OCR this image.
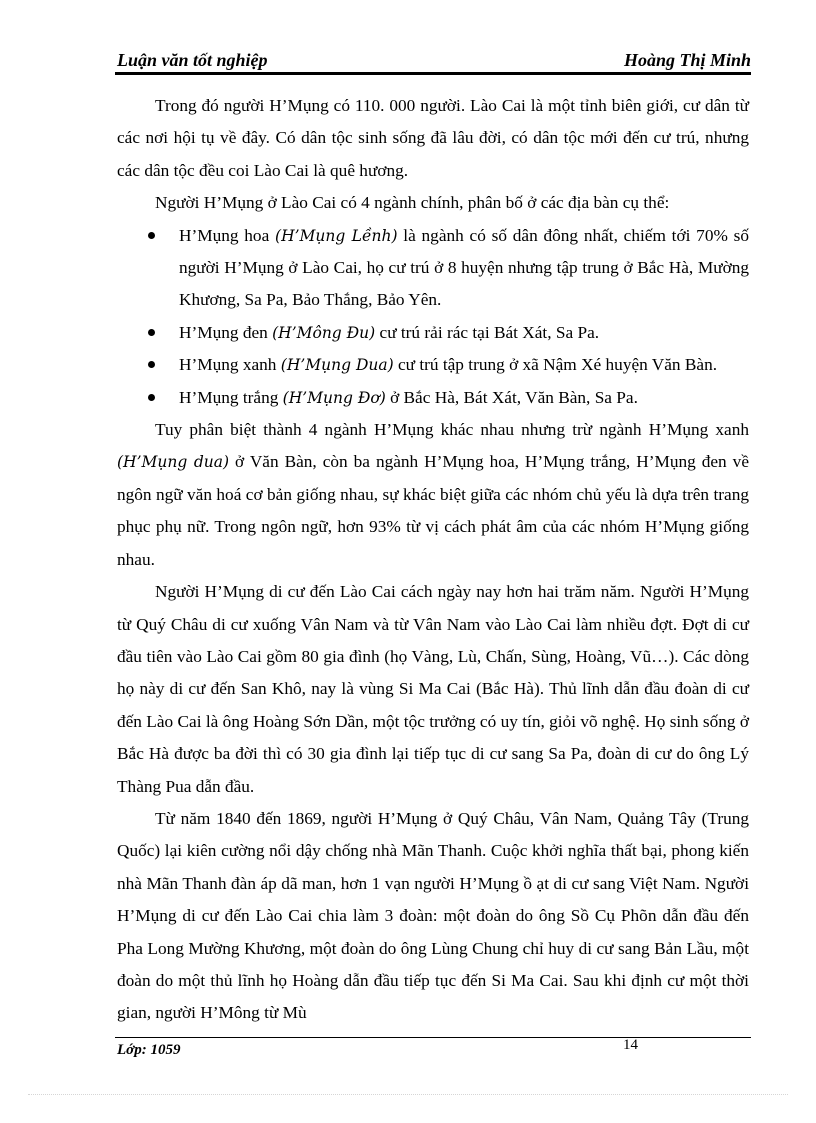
Luận văn tốt nghiệp	Hoàng Thị Minh

Trong đó người H’Mụng có 110. 000 người. Lào Cai là một tỉnh biên giới, cư dân từ các nơi hội tụ về đây. Có dân tộc sinh sống đã lâu đời, có dân tộc mới đến cư trú, nhưng các dân tộc đều coi Lào Cai là quê hương.

Người H’Mụng ở Lào Cai có 4 ngành chính, phân bố ở các địa bàn cụ thể:

H’Mụng hoa (H’Mụng Lềnh) là ngành có số dân đông nhất, chiếm tới 70% số người H’Mụng ở Lào Cai, họ cư trú ở 8 huyện nhưng tập trung ở Bắc Hà, Mường Khương, Sa Pa, Bảo Thắng, Bảo Yên.
H’Mụng đen (H’Mông Đu) cư trú rải rác tại Bát Xát, Sa Pa.
H’Mụng xanh (H’Mụng Dua) cư trú tập trung ở xã Nậm Xé huyện Văn Bàn.
H’Mụng trắng (H’Mụng Đơ) ở Bắc Hà, Bát Xát, Văn Bàn, Sa Pa.

Tuy phân biệt thành 4 ngành H’Mụng khác nhau nhưng trừ ngành H’Mụng xanh (H’Mụng dua) ở Văn Bàn, còn ba ngành H’Mụng hoa, H’Mụng trắng, H’Mụng đen về ngôn ngữ văn hoá cơ bản giống nhau, sự khác biệt giữa các nhóm chủ yếu là dựa trên trang phục phụ nữ. Trong ngôn ngữ, hơn 93% từ vị cách phát âm của các nhóm H’Mụng giống nhau.

Người H’Mụng di cư đến Lào Cai cách ngày nay hơn hai trăm năm. Người H’Mụng từ Quý Châu di cư xuống Vân Nam và từ Vân Nam vào Lào Cai làm nhiều đợt. Đợt di cư đầu tiên vào Lào Cai gồm 80 gia đình (họ Vàng, Lù, Chấn, Sùng, Hoàng, Vũ…). Các dòng họ này di cư đến San Khô, nay là vùng Si Ma Cai (Bắc Hà). Thủ lĩnh dẫn đầu đoàn di cư đến Lào Cai là ông Hoàng Sớn Dần, một tộc trưởng có uy tín, giỏi võ nghệ. Họ sinh sống ở Bắc Hà được ba đời thì có 30 gia đình lại tiếp tục di cư sang Sa Pa, đoàn di cư do ông Lý Thàng Pua dẫn đầu.

Từ năm 1840 đến 1869, người H’Mụng ở Quý Châu, Vân Nam, Quảng Tây (Trung Quốc) lại kiên cường nổi dậy chống nhà Mãn Thanh. Cuộc khởi nghĩa thất bại, phong kiến nhà Mãn Thanh đàn áp dã man, hơn 1 vạn người H’Mụng ồ ạt di cư sang Việt Nam. Người H’Mụng di cư đến Lào Cai chia làm 3 đoàn: một đoàn do ông Sồ Cụ Phõn dẫn đầu đến Pha Long Mường Khương, một đoàn do ông Lùng Chung chỉ huy di cư sang Bản Lầu, một đoàn do một thủ lĩnh họ Hoàng dẫn đầu tiếp tục đến Si Ma Cai. Sau khi định cư một thời gian, người H’Mông từ Mù

Lớp: 1059	14
